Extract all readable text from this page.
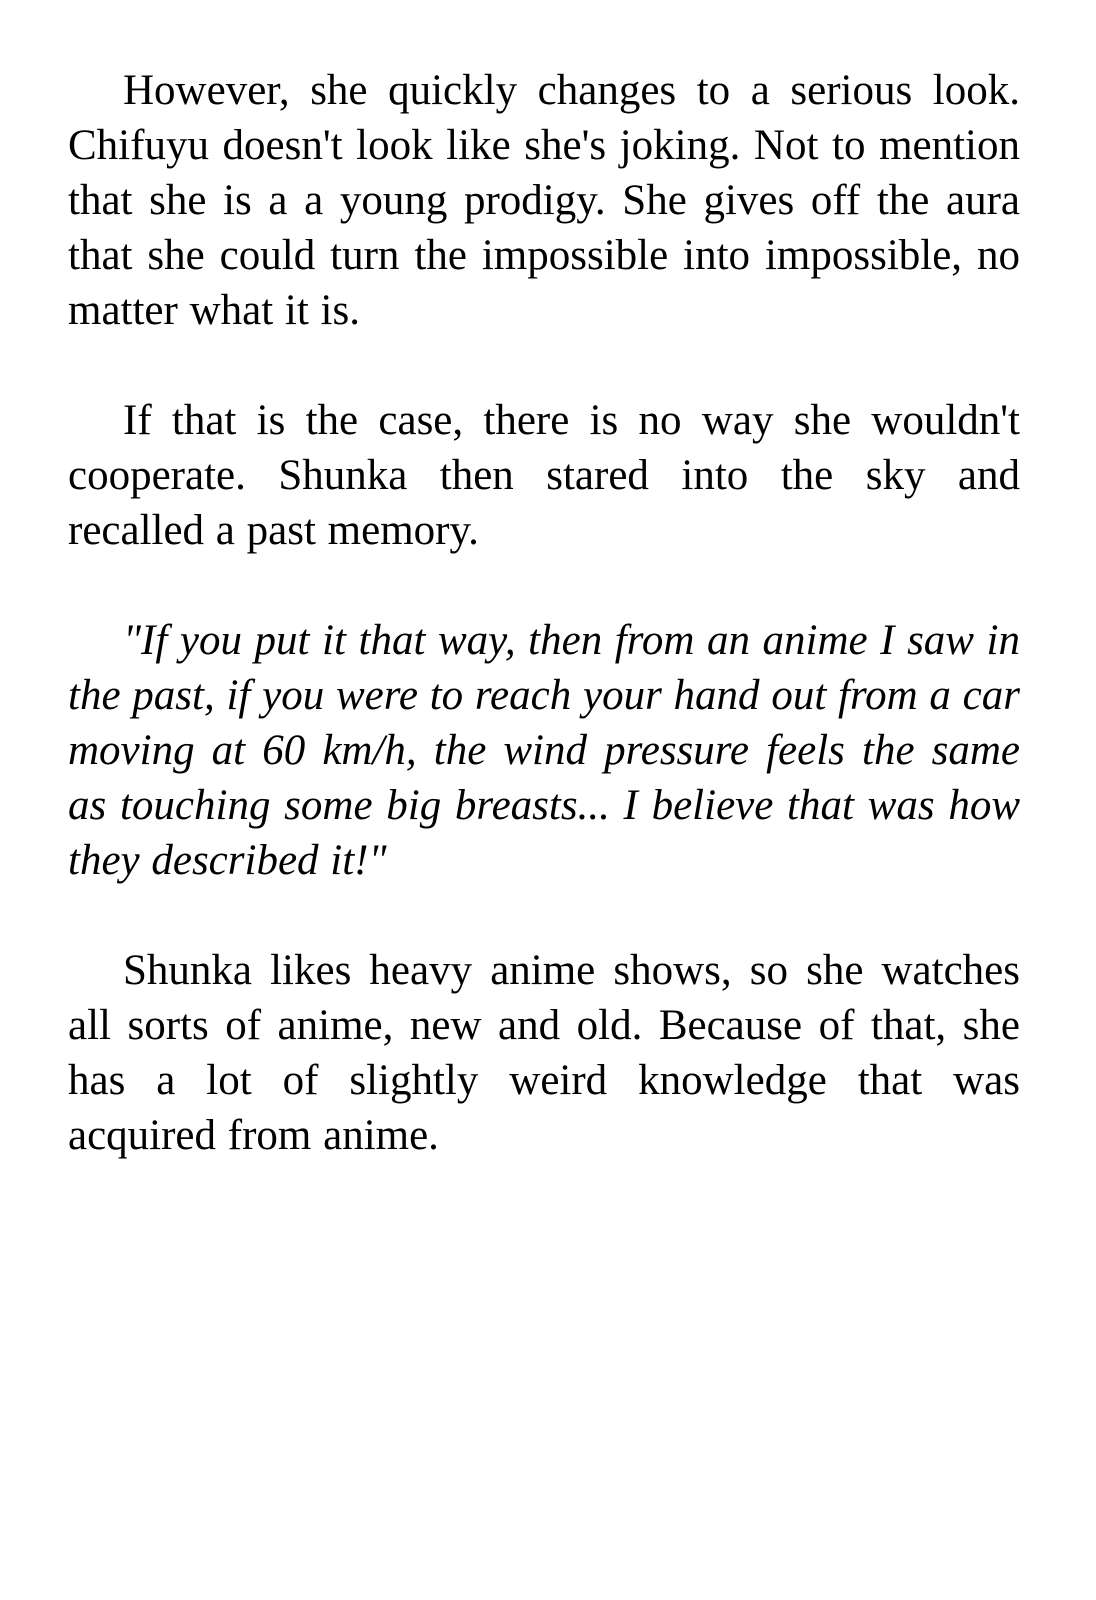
However, she quickly changes to a serious look. Chifuyu doesn't look like she's joking. Not to mention that she is a a young prodigy. She gives off the aura that she could turn the impossible into impossible, no matter what it is.

If that is the case, there is no way she wouldn't cooperate. Shunka then stared into the sky and recalled a past memory.

"If you put it that way, then from an anime I saw in the past, if you were to reach your hand out from a car moving at 60 km/h, the wind pressure feels the same as touching some big breasts... I believe that was how they described it!"

Shunka likes heavy anime shows, so she watches all sorts of anime, new and old. Because of that, she has a lot of slightly weird knowledge that was acquired from anime.
